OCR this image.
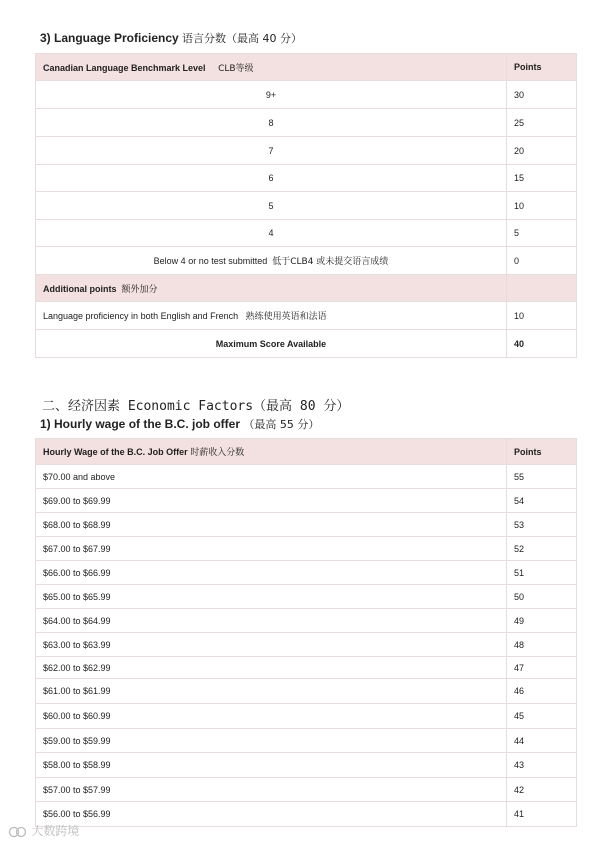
3) Language Proficiency 语言分数（最高 40 分）
Canadian Language Benchmark Level CLB等级	Points
9+	30
8	25
7	20
6	15
5	10
4	5
Below 4 or no test submitted 低于CLB4 或未提交语言成绩	0
Additional points 额外加分	
Language proficiency in both English and French 熟练使用英语和法语	10
Maximum Score Available	40
二、经济因素 Economic Factors（最高 80 分）
1) Hourly wage of the B.C. job offer （最高 55 分）
Hourly Wage of the B.C. Job Offer 时薪收入分数	Points
$70.00 and above	55
$69.00 to $69.99	54
$68.00 to $68.99	53
$67.00 to $67.99	52
$66.00 to $66.99	51
$65.00 to $65.99	50
$64.00 to $64.99	49
$63.00 to $63.99	48
$62.00 to $62.99	47
$61.00 to $61.99	46
$60.00 to $60.99	45
$59.00 to $59.99	44
$58.00 to $58.99	43
$57.00 to $57.99	42
$56.00 to $56.99	41
大数跨境
